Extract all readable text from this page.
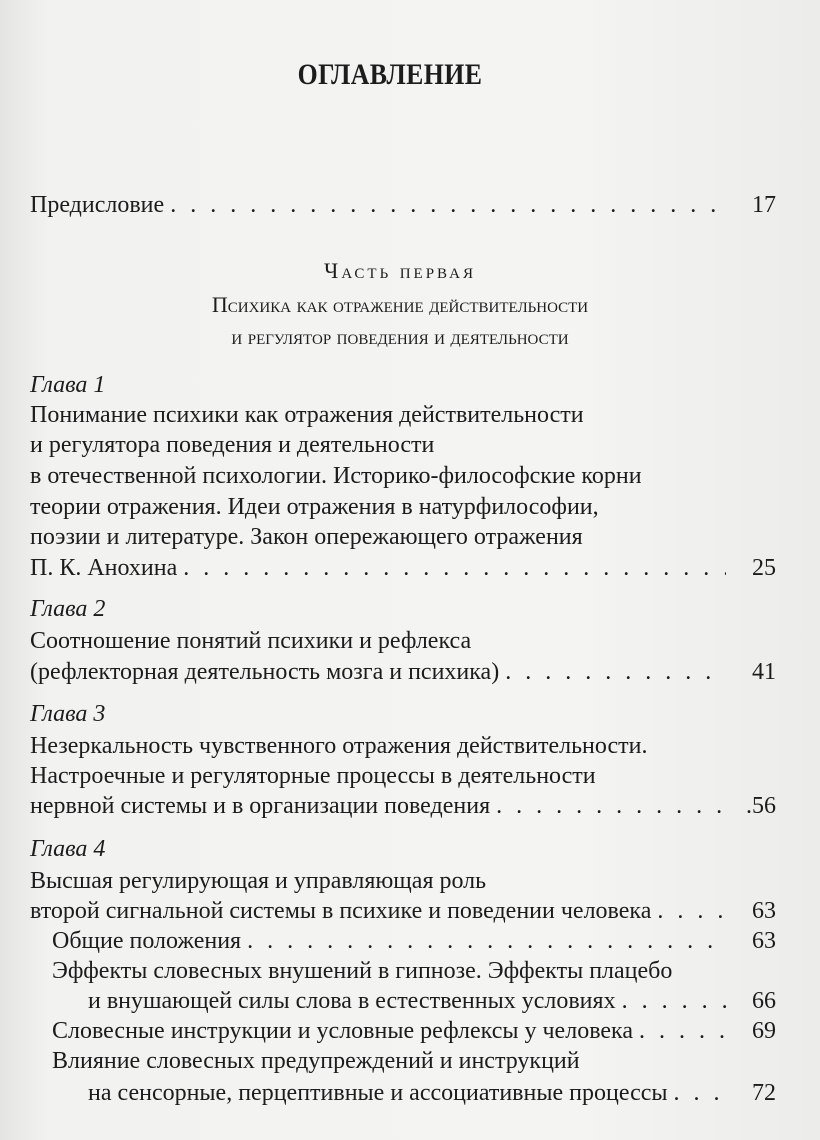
ОГЛАВЛЕНИЕ
Предисловие . . .	17
Часть первая
Психика как отражение действительности
и регулятор поведения и деятельности
Глава 1
Понимание психики как отражения действительности
и регулятора поведения и деятельности
в отечественной психологии. Историко-философские корни
теории отражения. Идеи отражения в натурфилософии,
поэзии и литературе. Закон опережающего отражения
П. К. Анохина . . .	25
Глава 2
Соотношение понятий психики и рефлекса
(рефлекторная деятельность мозга и психика) . . .	41
Глава 3
Незеркальность чувственного отражения действительности.
Настроечные и регуляторные процессы в деятельности
нервной системы и в организации поведения . . .	.56
Глава 4
Высшая регулирующая и управляющая роль
второй сигнальной системы в психике и поведении человека . . .	63
Общие положения . . .	63
Эффекты словесных внушений в гипнозе. Эффекты плацебо
и внушающей силы слова в естественных условиях . . .	66
Словесные инструкции и условные рефлексы у человека . . .	69
Влияние словесных предупреждений и инструкций
на сенсорные, перцептивные и ассоциативные процессы . . .	72
